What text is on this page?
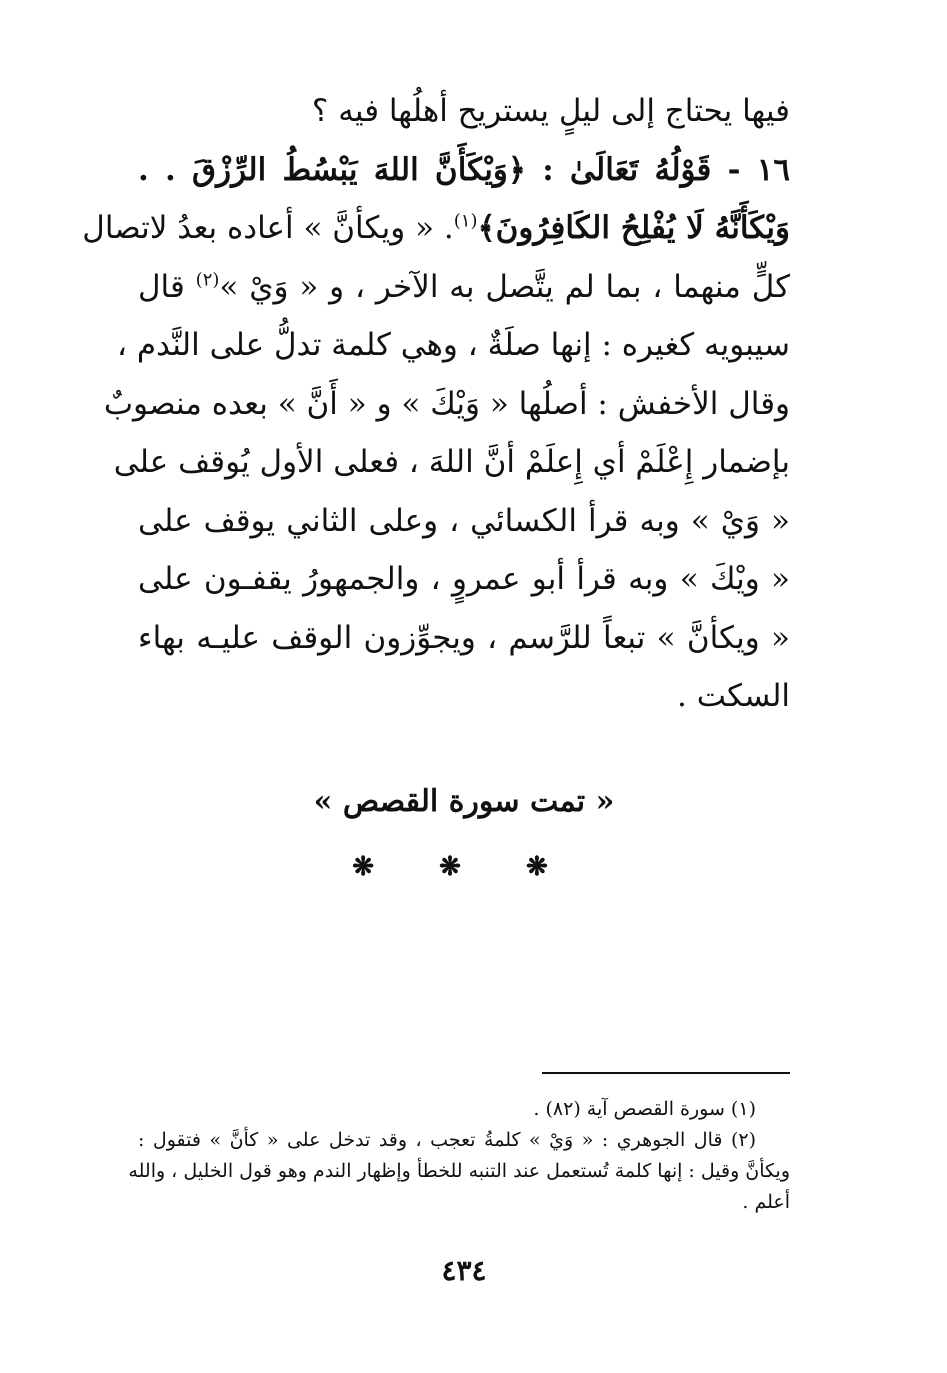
فيها يحتاج إلى ليلٍ يستريح أهلُها فيه ؟
١٦ - قَوْلُهُ تَعَالَىٰ : ﴿وَيْكَأَنَّ اللهَ يَبْسُطُ الرِّزْقَ . .
وَيْكَأَنَّهُ لَا يُفْلِحُ الكَافِرُونَ﴾$^{(١)}$. « ويكأنَّ » أعاده بعدُ لاتصال
كلٍّ منهما ، بما لم يتَّصل به الآخر ، و « وَيْ »$^{(٢)}$ قال
سيبويه كغيره : إنها صلَةٌ ، وهي كلمة تدلُّ على النَّدم ،
وقال الأخفش : أصلُها « وَيْكَ » و « أَنَّ » بعده منصوبٌ
بإضمار إِعْلَمْ أي إِعلَمْ أنَّ اللهَ ، فعلى الأول يُوقف على
« وَيْ » وبه قرأ الكسائي ، وعلى الثاني يوقف على
« ويْكَ » وبه قرأ أبو عمروٍ ، والجمهورُ يقفـون على
« ويكأنَّ » تبعاً للرَّسم ، ويجوِّزون الوقف عليـه بهاء
السكت .
« تمت سورة القصص »
❋ ❋ ❋
(١) سورة القصص آية (٨٢) .
(٢) قال الجوهري : « وَيْ » كلمةُ تعجب ، وقد تدخل على « كأنَّ » فتقول :
ويكأنَّ وقيل : إنها كلمة تُستعمل عند التنبه للخطأ وإظهار الندم وهو قول الخليل ، والله
أعلم .
٤٣٤
